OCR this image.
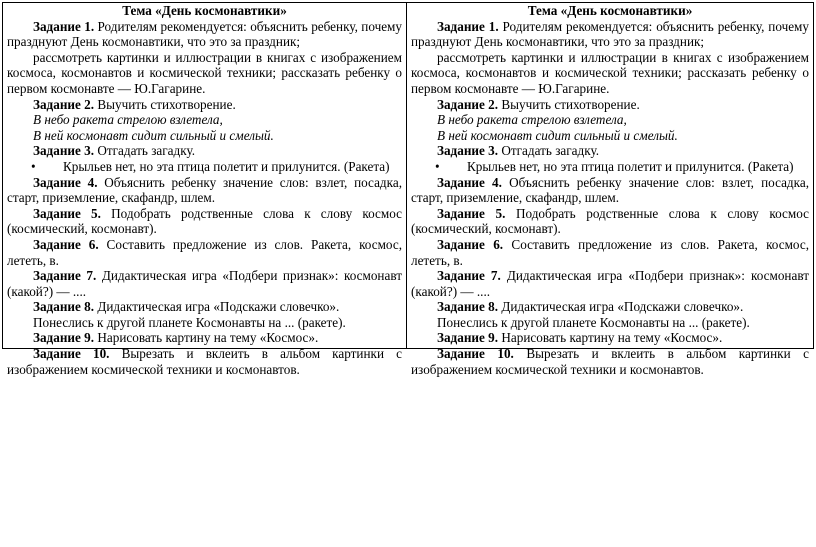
Тема «День космонавтики»

Задание 1. Родителям рекомендуется: объяснить ребенку, почему празднуют День космонавтики, что это за праздник;

рассмотреть картинки и иллюстрации в книгах с изображением космоса, космонавтов и космической техники; рассказать ребенку о первом космонавте — Ю.Гагарине.

Задание 2. Выучить стихотворение.

В небо ракета стрелою взлетела,

В ней космонавт сидит сильный и смелый.

Задание 3. Отгадать загадку.

•	Крыльев нет, но эта птица полетит и прилунится. (Ракета)

Задание 4. Объяснить ребенку значение слов: взлет, посадка, старт, приземление, скафандр, шлем.

Задание 5. Подобрать родственные слова к слову космос (космический, космонавт).

Задание 6. Составить предложение из слов. Ракета, космос, лететь, в.

Задание 7. Дидактическая игра «Подбери признак»: космонавт (какой?) — ....

Задание 8. Дидактическая игра «Подскажи словечко».

Понеслись к другой планете Космонавты на ... (ракете).

Задание 9. Нарисовать картину на тему «Космос».

Задание 10. Вырезать и вклеить в альбом картинки с изображением космической техники и космонавтов.

Тема «День космонавтики»

Задание 1. Родителям рекомендуется: объяснить ребенку, почему празднуют День космонавтики, что это за праздник;

рассмотреть картинки и иллюстрации в книгах с изображением космоса, космонавтов и космической техники; рассказать ребенку о первом космонавте — Ю.Гагарине.

Задание 2. Выучить стихотворение.

В небо ракета стрелою взлетела,

В ней космонавт сидит сильный и смелый.

Задание 3. Отгадать загадку.

•	Крыльев нет, но эта птица полетит и прилунится. (Ракета)

Задание 4. Объяснить ребенку значение слов: взлет, посадка, старт, приземление, скафандр, шлем.

Задание 5. Подобрать родственные слова к слову космос (космический, космонавт).

Задание 6. Составить предложение из слов. Ракета, космос, лететь, в.

Задание 7. Дидактическая игра «Подбери признак»: космонавт (какой?) — ....

Задание 8. Дидактическая игра «Подскажи словечко».

Понеслись к другой планете Космонавты на ... (ракете).

Задание 9. Нарисовать картину на тему «Космос».

Задание 10. Вырезать и вклеить в альбом картинки с изображением космической техники и космонавтов.
